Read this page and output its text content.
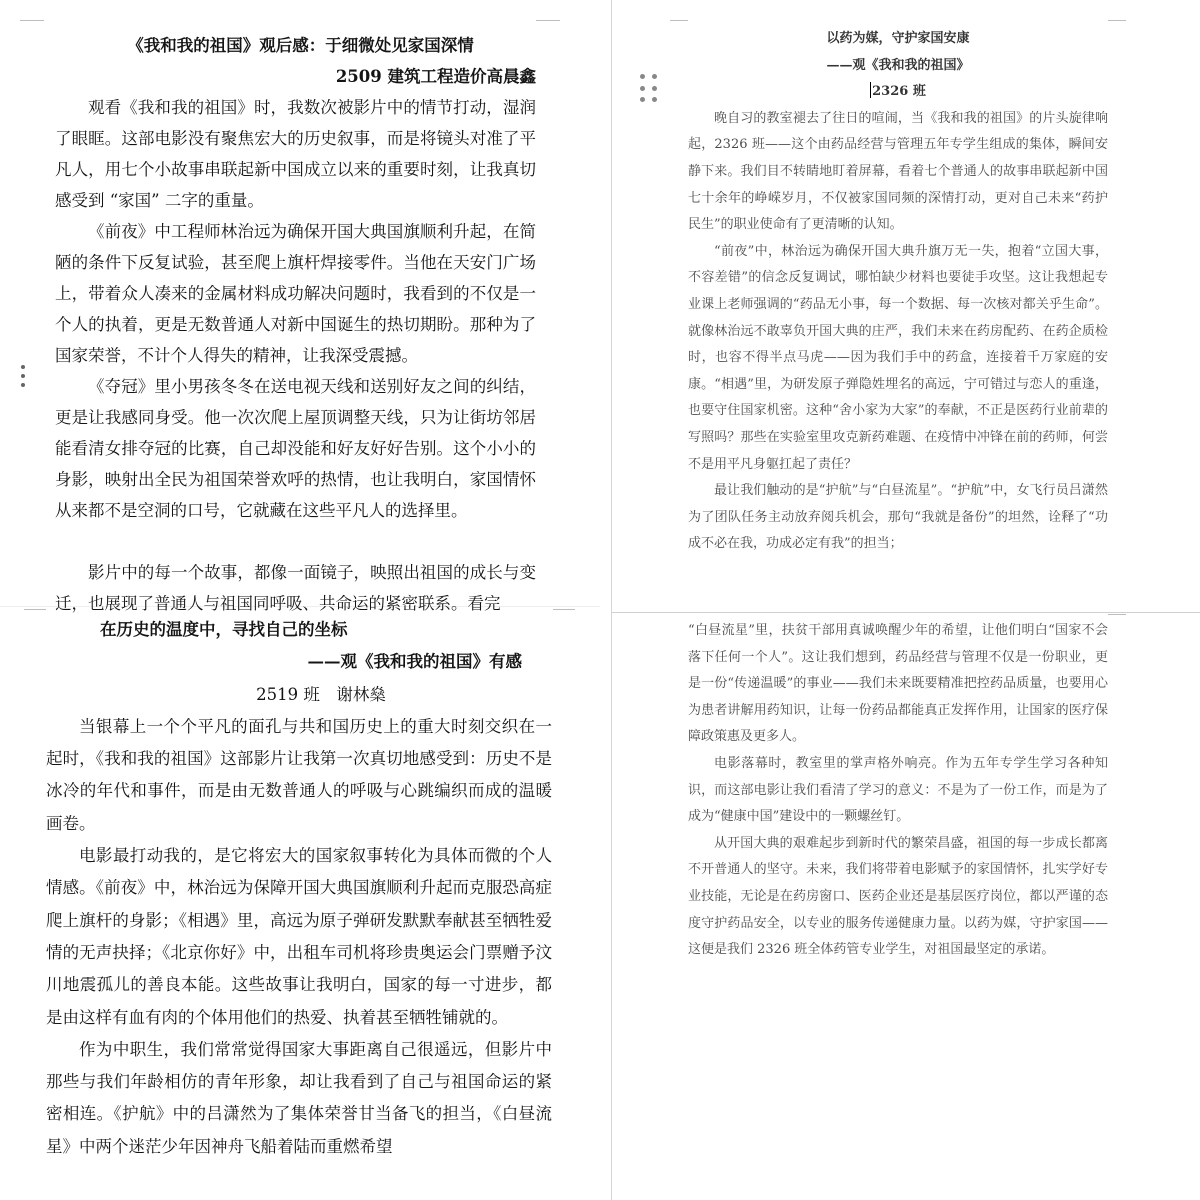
《我和我的祖国》观后感：于细微处见家国深情

2509 建筑工程造价高晨鑫

观看《我和我的祖国》时，我数次被影片中的情节打动，湿润了眼眶。这部电影没有聚焦宏大的历史叙事，而是将镜头对准了平凡人，用七个小故事串联起新中国成立以来的重要时刻，让我真切感受到 “家国” 二字的重量。

《前夜》中工程师林治远为确保开国大典国旗顺利升起，在简陋的条件下反复试验，甚至爬上旗杆焊接零件。当他在天安门广场上，带着众人凑来的金属材料成功解决问题时，我看到的不仅是一个人的执着，更是无数普通人对新中国诞生的热切期盼。那种为了国家荣誉，不计个人得失的精神，让我深受震撼。

《夺冠》里小男孩冬冬在送电视天线和送别好友之间的纠结，更是让我感同身受。他一次次爬上屋顶调整天线，只为让街坊邻居能看清女排夺冠的比赛，自己却没能和好友好好告别。这个小小的身影，映射出全民为祖国荣誉欢呼的热情，也让我明白，家国情怀从来都不是空洞的口号，它就藏在这些平凡人的选择里。

影片中的每一个故事，都像一面镜子，映照出祖国的成长与变迁，也展现了普通人与祖国同呼吸、共命运的紧密联系。看完

以药为媒，守护家国安康

——观《我和我的祖国》

2326 班

晚自习的教室褪去了往日的喧闹，当《我和我的祖国》的片头旋律响起，2326 班——这个由药品经营与管理五年专学生组成的集体，瞬间安静下来。我们目不转睛地盯着屏幕，看着七个普通人的故事串联起新中国七十余年的峥嵘岁月，不仅被家国同频的深情打动，更对自己未来“药护民生”的职业使命有了更清晰的认知。

“前夜”中，林治远为确保开国大典升旗万无一失，抱着“立国大事，不容差错”的信念反复调试，哪怕缺少材料也要徒手攻坚。这让我想起专业课上老师强调的“药品无小事，每一个数据、每一次核对都关乎生命”。就像林治远不敢辜负开国大典的庄严，我们未来在药房配药、在药企质检时，也容不得半点马虎——因为我们手中的药盒，连接着千万家庭的安康。“相遇”里，为研发原子弹隐姓埋名的高远，宁可错过与恋人的重逢，也要守住国家机密。这种“舍小家为大家”的奉献，不正是医药行业前辈的写照吗？那些在实验室里攻克新药难题、在疫情中冲锋在前的药师，何尝不是用平凡身躯扛起了责任？

最让我们触动的是“护航”与“白昼流星”。“护航”中，女飞行员吕潇然为了团队任务主动放弃阅兵机会，那句“我就是备份”的坦然，诠释了“功成不必在我，功成必定有我”的担当；

在历史的温度中，寻找自己的坐标

——观《我和我的祖国》有感

2519 班　谢林燊

当银幕上一个个平凡的面孔与共和国历史上的重大时刻交织在一起时，《我和我的祖国》这部影片让我第一次真切地感受到：历史不是冰冷的年代和事件，而是由无数普通人的呼吸与心跳编织而成的温暖画卷。

电影最打动我的，是它将宏大的国家叙事转化为具体而微的个人情感。《前夜》中，林治远为保障开国大典国旗顺利升起而克服恐高症爬上旗杆的身影；《相遇》里，高远为原子弹研发默默奉献甚至牺牲爱情的无声抉择；《北京你好》中，出租车司机将珍贵奥运会门票赠予汶川地震孤儿的善良本能。这些故事让我明白，国家的每一寸进步，都是由这样有血有肉的个体用他们的热爱、执着甚至牺牲铺就的。

作为中职生，我们常常觉得国家大事距离自己很遥远，但影片中那些与我们年龄相仿的青年形象，却让我看到了自己与祖国命运的紧密相连。《护航》中的吕潇然为了集体荣誉甘当备飞的担当，《白昼流星》中两个迷茫少年因神舟飞船着陆而重燃希望

“白昼流星”里，扶贫干部用真诚唤醒少年的希望，让他们明白“国家不会落下任何一个人”。这让我们想到，药品经营与管理不仅是一份职业，更是一份“传递温暖”的事业——我们未来既要精准把控药品质量，也要用心为患者讲解用药知识，让每一份药品都能真正发挥作用，让国家的医疗保障政策惠及更多人。

电影落幕时，教室里的掌声格外响亮。作为五年专学生学习各种知识，而这部电影让我们看清了学习的意义：不是为了一份工作，而是为了成为“健康中国”建设中的一颗螺丝钉。

从开国大典的艰难起步到新时代的繁荣昌盛，祖国的每一步成长都离不开普通人的坚守。未来，我们将带着电影赋予的家国情怀，扎实学好专业技能，无论是在药房窗口、医药企业还是基层医疗岗位，都以严谨的态度守护药品安全，以专业的服务传递健康力量。以药为媒，守护家国——这便是我们 2326 班全体药管专业学生，对祖国最坚定的承诺。
